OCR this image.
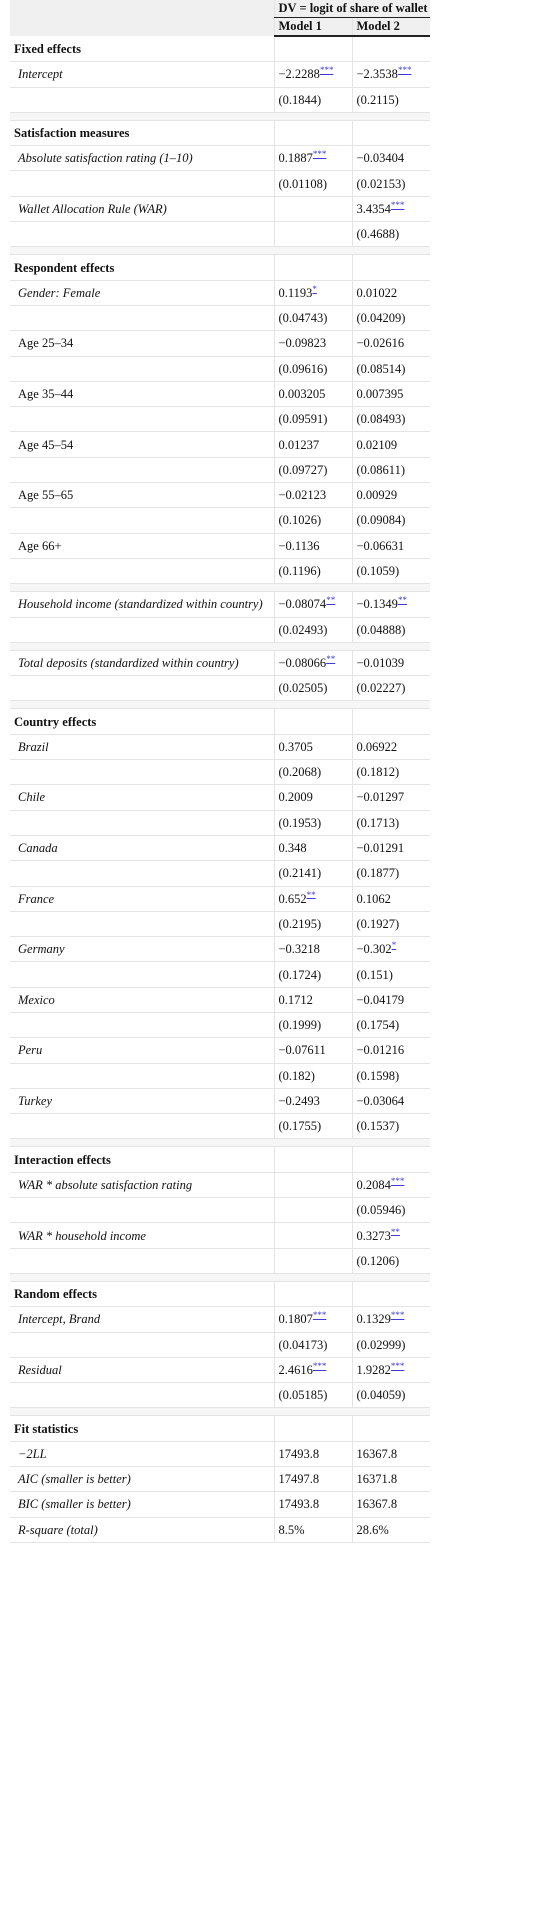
	DV = logit of share of wallet	
	Model 1	Model 2
Fixed effects		
Intercept	−2.2288***	−2.3538***
	(0.1844)	(0.2115)

Satisfaction measures		
Absolute satisfaction rating (1–10)	0.1887***	−0.03404
	(0.01108)	(0.02153)
Wallet Allocation Rule (WAR)		3.4354***
		(0.4688)

Respondent effects		
Gender: Female	0.1193*	0.01022
	(0.04743)	(0.04209)
Age 25–34	−0.09823	−0.02616
	(0.09616)	(0.08514)
Age 35–44	0.003205	0.007395
	(0.09591)	(0.08493)
Age 45–54	0.01237	0.02109
	(0.09727)	(0.08611)
Age 55–65	−0.02123	0.00929
	(0.1026)	(0.09084)
Age 66+	−0.1136	−0.06631
	(0.1196)	(0.1059)

Household income (standardized within country)	−0.08074**	−0.1349**
	(0.02493)	(0.04888)

Total deposits (standardized within country)	−0.08066**	−0.01039
	(0.02505)	(0.02227)

Country effects		
Brazil	0.3705	0.06922
	(0.2068)	(0.1812)
Chile	0.2009	−0.01297
	(0.1953)	(0.1713)
Canada	0.348	−0.01291
	(0.2141)	(0.1877)
France	0.652**	0.1062
	(0.2195)	(0.1927)
Germany	−0.3218	−0.302*
	(0.1724)	(0.151)
Mexico	0.1712	−0.04179
	(0.1999)	(0.1754)
Peru	−0.07611	−0.01216
	(0.182)	(0.1598)
Turkey	−0.2493	−0.03064
	(0.1755)	(0.1537)

Interaction effects		
WAR * absolute satisfaction rating		0.2084***
		(0.05946)
WAR * household income		0.3273**
		(0.1206)

Random effects		
Intercept, Brand	0.1807***	0.1329***
	(0.04173)	(0.02999)
Residual	2.4616***	1.9282***
	(0.05185)	(0.04059)

Fit statistics		
−2LL	17493.8	16367.8
AIC (smaller is better)	17497.8	16371.8
BIC (smaller is better)	17493.8	16367.8
R-square (total)	8.5%	28.6%
